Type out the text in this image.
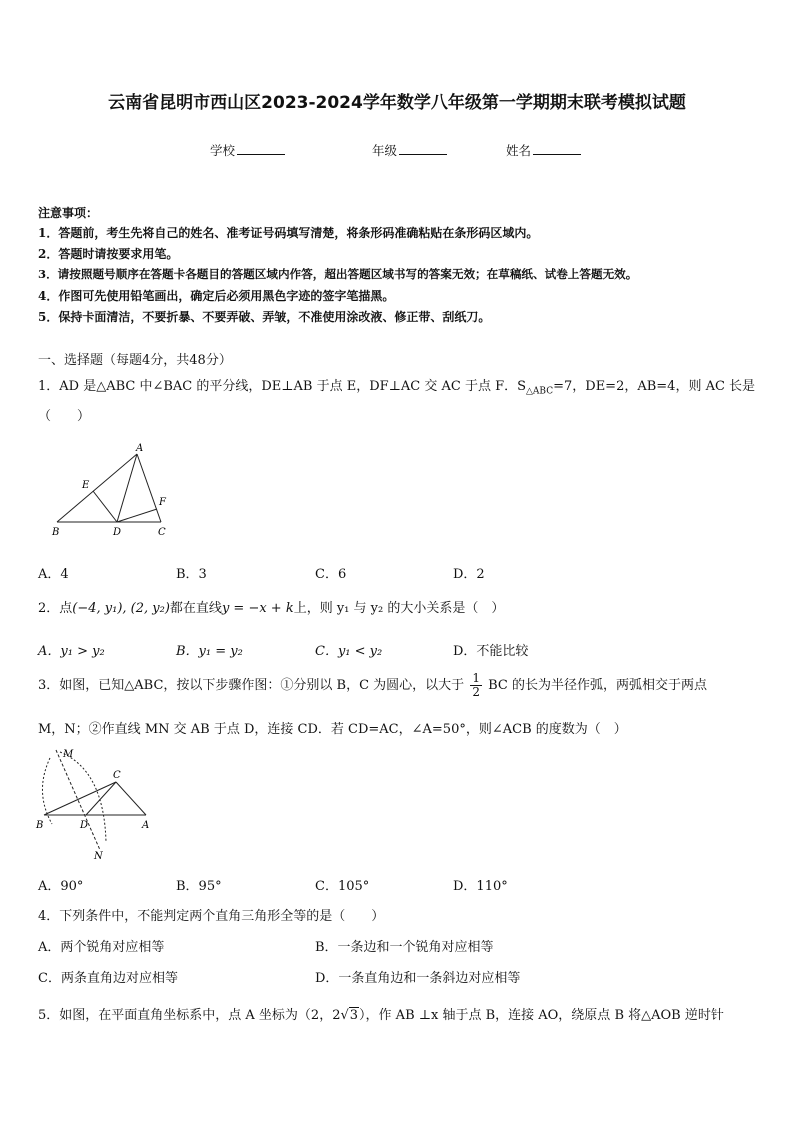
云南省昆明市西山区2023-2024学年数学八年级第一学期期末联考模拟试题
学校	年级	姓名
注意事项：
1．答题前，考生先将自己的姓名、准考证号码填写清楚，将条形码准确粘贴在条形码区域内。
2．答题时请按要求用笔。
3．请按照题号顺序在答题卡各题目的答题区域内作答，超出答题区域书写的答案无效；在草稿纸、试卷上答题无效。
4．作图可先使用铅笔画出，确定后必须用黑色字迹的签字笔描黑。
5．保持卡面清洁，不要折暴、不要弄破、弄皱，不准使用涂改液、修正带、刮纸刀。
一、选择题（每题4分，共48分）
1．AD 是△ABC 中∠BAC 的平分线，DE⊥AB 于点 E，DF⊥AC 交 AC 于点 F．$S_{\triangle ABC}=7$，DE=2，AB=4，则 AC 长是
（　　）
A
E
F
B	D	C
A．4	B．3	C．6	D．2
2．点(−4, y₁), (2, y₂)都在直线y = −x + k上，则 y₁ 与 y₂ 的大小关系是（　）
A．y₁ > y₂	B．y₁ = y₂	C．y₁ < y₂	D．不能比较
3．如图，已知△ABC，按以下步骤作图：①分别以 B，C 为圆心，以大于 $\frac{1}{2}$ BC 的长为半径作弧，两弧相交于两点
M，N；②作直线 MN 交 AB 于点 D，连接 CD．若 CD=AC，∠A=50°，则∠ACB 的度数为（　）
M
C
B	D	A
N
A．90°	B．95°	C．105°	D．110°
4．下列条件中，不能判定两个直角三角形全等的是（　　）
A．两个锐角对应相等	B．一条边和一个锐角对应相等
C．两条直角边对应相等	D．一条直角边和一条斜边对应相等
5．如图，在平面直角坐标系中，点 A 坐标为（2，2√3），作 AB ⊥x 轴于点 B，连接 AO，绕原点 B 将△AOB 逆时针
